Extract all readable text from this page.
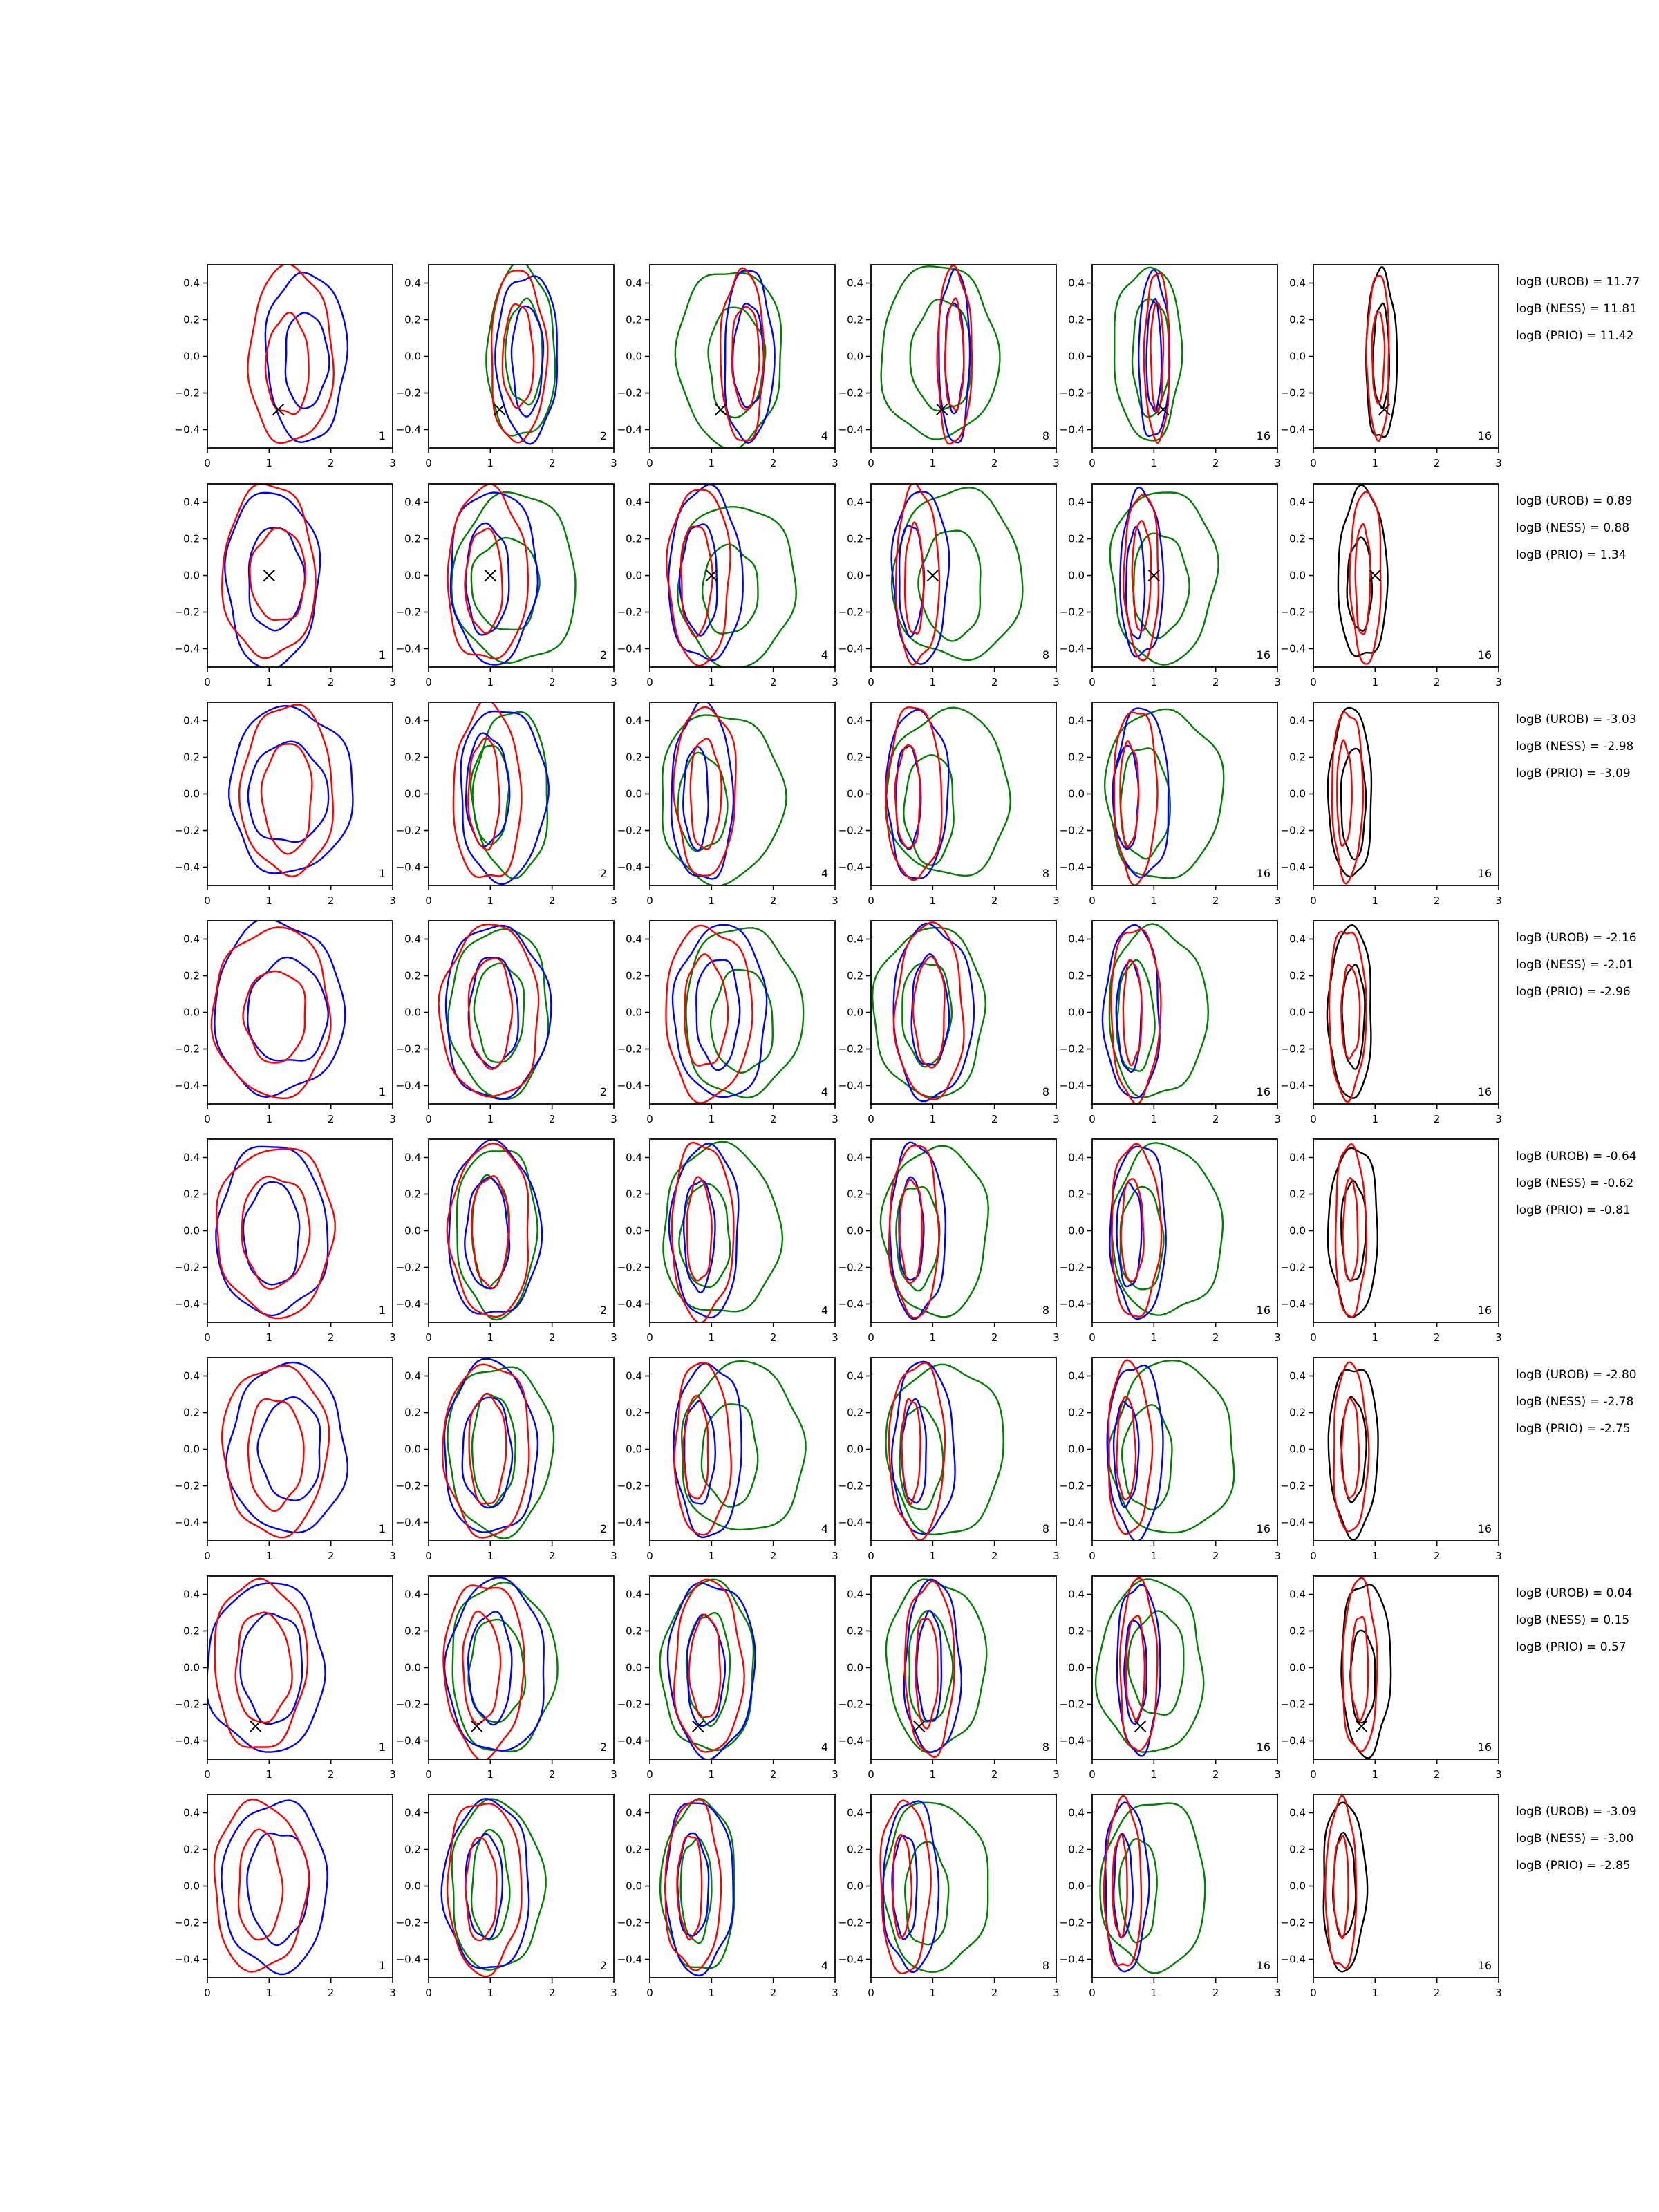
0.4
0.2
0.0
−0.2
−0.4
0	1	2	3
1
0.4
0.2
0.0
−0.2
−0.4
0	1	2	3
2
0.4
0.2
0.0
−0.2
−0.4
0	1	2	3
4
0.4
0.2
0.0
−0.2
−0.4
0	1	2	3
8
0.4
0.2
0.0
−0.2
−0.4
0	1	2	3
16
0.4
0.2
0.0
−0.2
−0.4
0	1	2	3
16
logB (UROB) = 11.77
logB (NESS) = 11.81
logB (PRIO) = 11.42
0.4
0.2
0.0
−0.2
−0.4
0	1	2	3
1
0.4
0.2
0.0
−0.2
−0.4
0	1	2	3
2
0.4
0.2
0.0
−0.2
−0.4
0	1	2	3
4
0.4
0.2
0.0
−0.2
−0.4
0	1	2	3
8
0.4
0.2
0.0
−0.2
−0.4
0	1	2	3
16
0.4
0.2
0.0
−0.2
−0.4
0	1	2	3
16
logB (UROB) = 0.89
logB (NESS) = 0.88
logB (PRIO) = 1.34
0.4
0.2
0.0
−0.2
−0.4
0	1	2	3
1
0.4
0.2
0.0
−0.2
−0.4
0	1	2	3
2
0.4
0.2
0.0
−0.2
−0.4
0	1	2	3
4
0.4
0.2
0.0
−0.2
−0.4
0	1	2	3
8
0.4
0.2
0.0
−0.2
−0.4
0	1	2	3
16
0.4
0.2
0.0
−0.2
−0.4
0	1	2	3
16
logB (UROB) = -3.03
logB (NESS) = -2.98
logB (PRIO) = -3.09
0.4
0.2
0.0
−0.2
−0.4
0	1	2	3
1
0.4
0.2
0.0
−0.2
−0.4
0	1	2	3
2
0.4
0.2
0.0
−0.2
−0.4
0	1	2	3
4
0.4
0.2
0.0
−0.2
−0.4
0	1	2	3
8
0.4
0.2
0.0
−0.2
−0.4
0	1	2	3
16
0.4
0.2
0.0
−0.2
−0.4
0	1	2	3
16
logB (UROB) = -2.16
logB (NESS) = -2.01
logB (PRIO) = -2.96
0.4
0.2
0.0
−0.2
−0.4
0	1	2	3
1
0.4
0.2
0.0
−0.2
−0.4
0	1	2	3
2
0.4
0.2
0.0
−0.2
−0.4
0	1	2	3
4
0.4
0.2
0.0
−0.2
−0.4
0	1	2	3
8
0.4
0.2
0.0
−0.2
−0.4
0	1	2	3
16
0.4
0.2
0.0
−0.2
−0.4
0	1	2	3
16
logB (UROB) = -0.64
logB (NESS) = -0.62
logB (PRIO) = -0.81
0.4
0.2
0.0
−0.2
−0.4
0	1	2	3
1
0.4
0.2
0.0
−0.2
−0.4
0	1	2	3
2
0.4
0.2
0.0
−0.2
−0.4
0	1	2	3
4
0.4
0.2
0.0
−0.2
−0.4
0	1	2	3
8
0.4
0.2
0.0
−0.2
−0.4
0	1	2	3
16
0.4
0.2
0.0
−0.2
−0.4
0	1	2	3
16
logB (UROB) = -2.80
logB (NESS) = -2.78
logB (PRIO) = -2.75
0.4
0.2
0.0
−0.2
−0.4
0	1	2	3
1
0.4
0.2
0.0
−0.2
−0.4
0	1	2	3
2
0.4
0.2
0.0
−0.2
−0.4
0	1	2	3
4
0.4
0.2
0.0
−0.2
−0.4
0	1	2	3
8
0.4
0.2
0.0
−0.2
−0.4
0	1	2	3
16
0.4
0.2
0.0
−0.2
−0.4
0	1	2	3
16
logB (UROB) = 0.04
logB (NESS) = 0.15
logB (PRIO) = 0.57
0.4
0.2
0.0
−0.2
−0.4
0	1	2	3
1
0.4
0.2
0.0
−0.2
−0.4
0	1	2	3
2
0.4
0.2
0.0
−0.2
−0.4
0	1	2	3
4
0.4
0.2
0.0
−0.2
−0.4
0	1	2	3
8
0.4
0.2
0.0
−0.2
−0.4
0	1	2	3
16
0.4
0.2
0.0
−0.2
−0.4
0	1	2	3
16
logB (UROB) = -3.09
logB (NESS) = -3.00
logB (PRIO) = -2.85
